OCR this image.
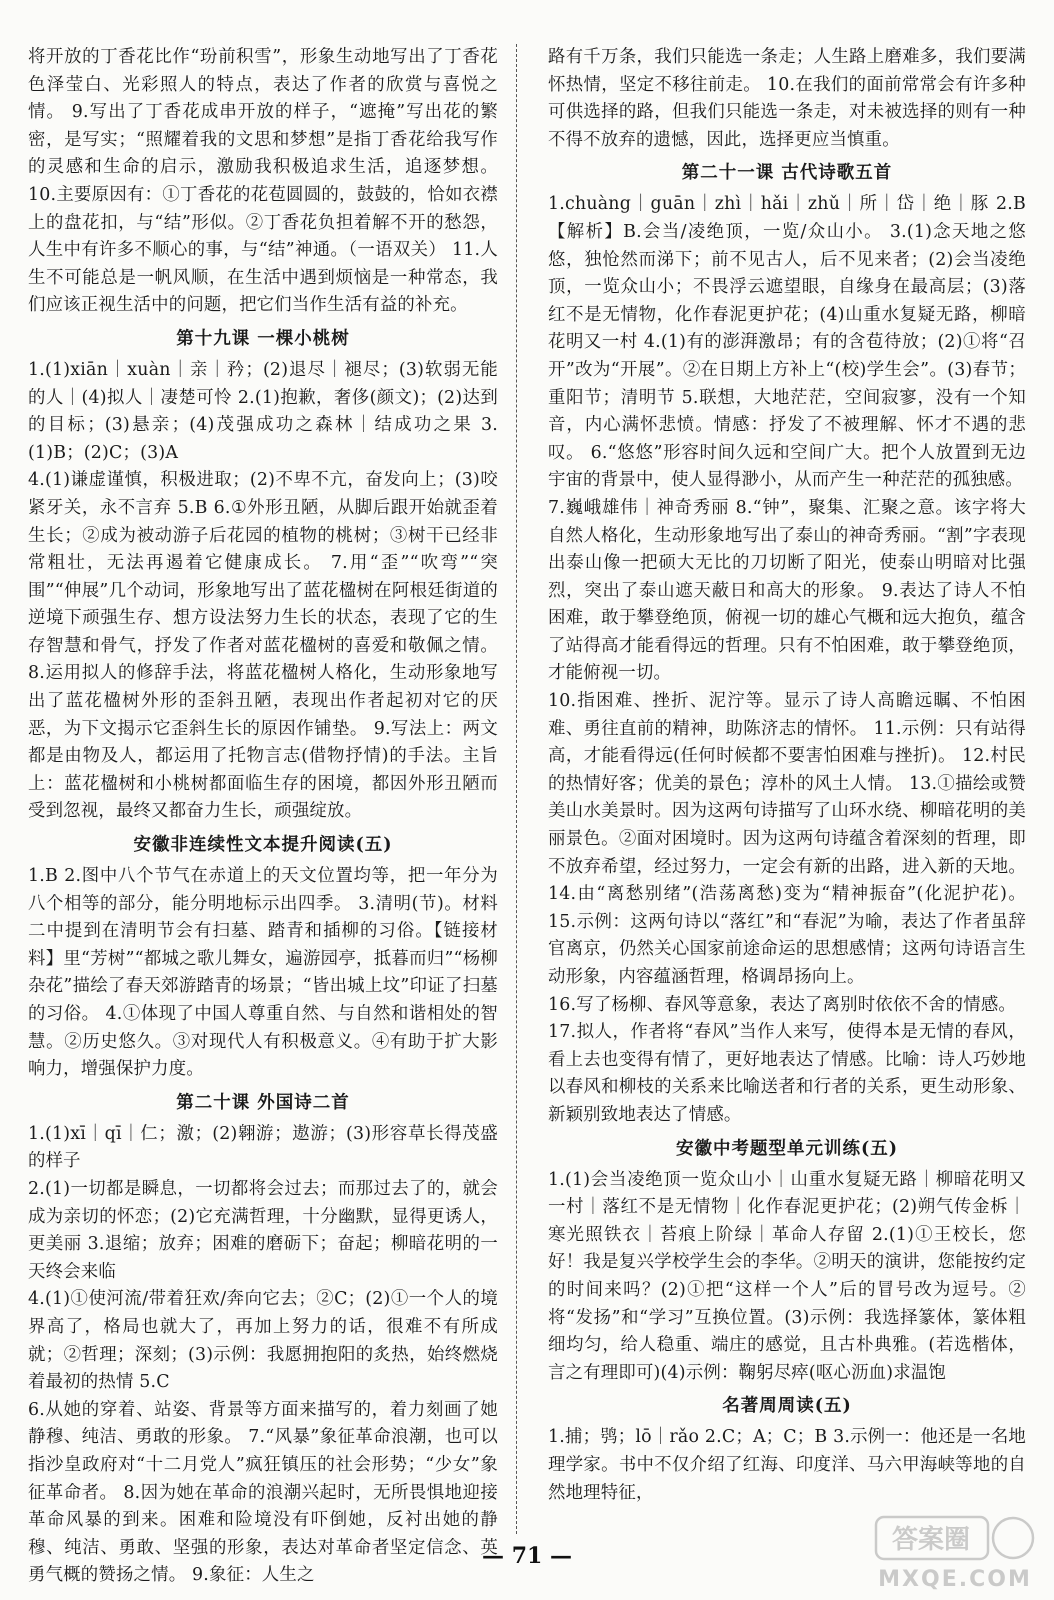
将开放的丁香花比作“玢前积雪”，形象生动地写出了丁香花色泽莹白、光彩照人的特点，表达了作者的欣赏与喜悦之情。 9.写出了丁香花成串开放的样子，“遮掩”写出花的繁密，是写实；“照耀着我的文思和梦想”是指丁香花给我写作的灵感和生命的启示，激励我积极追求生活，追逐梦想。 10.主要原因有：①丁香花的花苞圆圆的，鼓鼓的，恰如衣襟上的盘花扣，与“结”形似。②丁香花负担着解不开的愁怨，人生中有许多不顺心的事，与“结”神通。（一语双关） 11.人生不可能总是一帆风顺，在生活中遇到烦恼是一种常态，我们应该正视生活中的问题，把它们当作生活有益的补充。

第十九课 一棵小桃树

1.(1)xiān｜xuàn｜亲｜矜；(2)退尽｜褪尽；(3)软弱无能的人｜(4)拟人｜凄楚可怜 2.(1)抱歉，奢侈(颜文)；(2)达到的目标；(3)悬亲；(4)茂强成功之森林｜结成功之果 3.(1)B；(2)C；(3)A

4.(1)谦虚谨慎，积极进取；(2)不卑不亢，奋发向上；(3)咬紧牙关，永不言弃 5.B 6.①外形丑陋，从脚后跟开始就歪着生长；②成为被动游子后花园的植物的桃树；③树干已经非常粗壮，无法再遏着它健康成长。 7.用“歪”“吹弯”“突围”“伸展”几个动词，形象地写出了蓝花楹树在阿根廷街道的逆境下顽强生存、想方设法努力生长的状态，表现了它的生存智慧和骨气，抒发了作者对蓝花楹树的喜爱和敬佩之情。 8.运用拟人的修辞手法，将蓝花楹树人格化，生动形象地写出了蓝花楹树外形的歪斜丑陋，表现出作者起初对它的厌恶，为下文揭示它歪斜生长的原因作铺垫。 9.写法上：两文都是由物及人，都运用了托物言志(借物抒情)的手法。主旨上：蓝花楹树和小桃树都面临生存的困境，都因外形丑陋而受到忽视，最终又都奋力生长，顽强绽放。

安徽非连续性文本提升阅读(五)

1.B 2.图中八个节气在赤道上的天文位置均等，把一年分为八个相等的部分，能分明地标示出四季。 3.清明(节)。材料二中提到在清明节会有扫墓、踏青和插柳的习俗。【链接材料】里“芳树”“都城之歌儿舞女，遍游园亭，抵暮而归”“杨柳杂花”描绘了春天郊游踏青的场景；“皆出城上坟”印证了扫墓的习俗。 4.①体现了中国人尊重自然、与自然和谐相处的智慧。②历史悠久。③对现代人有积极意义。④有助于扩大影响力，增强保护力度。

第二十课 外国诗二首

1.(1)xī｜qī｜仁；激；(2)翱游；遨游；(3)形容草长得茂盛的样子

2.(1)一切都是瞬息，一切都将会过去；而那过去了的，就会成为亲切的怀恋；(2)它充满哲理，十分幽默，显得更诱人，更美丽 3.退缩；放弃；困难的磨砺下；奋起；柳暗花明的一天终会来临

4.(1)①使河流/带着狂欢/奔向它去；②C；(2)①一个人的境界高了，格局也就大了，再加上努力的话，很难不有所成就；②哲理；深刻；(3)示例：我愿拥抱阳的炙热，始终燃烧着最初的热情 5.C

6.从她的穿着、站姿、背景等方面来描写的，着力刻画了她静穆、纯洁、勇敢的形象。 7.“风暴”象征革命浪潮，也可以指沙皇政府对“十二月党人”疯狂镇压的社会形势；“少女”象征革命者。 8.因为她在革命的浪潮兴起时，无所畏惧地迎接革命风暴的到来。困难和险境没有吓倒她，反衬出她的静穆、纯洁、勇敢、坚强的形象，表达对革命者坚定信念、英勇气概的赞扬之情。 9.象征：人生之

路有千万条，我们只能选一条走；人生路上磨难多，我们要满怀热情，坚定不移往前走。 10.在我们的面前常常会有许多种可供选择的路，但我们只能选一条走，对未被选择的则有一种不得不放弃的遗憾，因此，选择更应当慎重。

第二十一课 古代诗歌五首

1.chuàng｜guān｜zhì｜hǎi｜zhǔ｜所｜岱｜绝｜豚 2.B 【解析】B.会当/凌绝顶，一览/众山小。 3.(1)念天地之悠悠，独怆然而涕下；前不见古人，后不见来者；(2)会当凌绝顶，一览众山小；不畏浮云遮望眼，自缘身在最高层；(3)落红不是无情物，化作春泥更护花；(4)山重水复疑无路，柳暗花明又一村 4.(1)有的澎湃激昂；有的含苞待放；(2)①将“召开”改为“开展”。②在日期上方补上“(校)学生会”。(3)春节；重阳节；清明节 5.联想，大地茫茫，空间寂寥，没有一个知音，内心满怀悲愤。情感：抒发了不被理解、怀才不遇的悲叹。 6.“悠悠”形容时间久远和空间广大。把个人放置到无边宇宙的背景中，使人显得渺小，从而产生一种茫茫的孤独感。

7.巍峨雄伟｜神奇秀丽 8.“钟”，聚集、汇聚之意。该字将大自然人格化，生动形象地写出了泰山的神奇秀丽。“割”字表现出泰山像一把硕大无比的刀切断了阳光，使泰山明暗对比强烈，突出了泰山遮天蔽日和高大的形象。 9.表达了诗人不怕困难，敢于攀登绝顶，俯视一切的雄心气概和远大抱负，蕴含了站得高才能看得远的哲理。只有不怕困难，敢于攀登绝顶，才能俯视一切。

10.指困难、挫折、泥泞等。显示了诗人高瞻远瞩、不怕困难、勇往直前的精神，助陈济志的情怀。 11.示例：只有站得高，才能看得远(任何时候都不要害怕困难与挫折)。 12.村民的热情好客；优美的景色；淳朴的风土人情。 13.①描绘或赞美山水美景时。因为这两句诗描写了山环水绕、柳暗花明的美丽景色。②面对困境时。因为这两句诗蕴含着深刻的哲理，即不放弃希望，经过努力，一定会有新的出路，进入新的天地。 14.由“离愁别绪”(浩荡离愁)变为“精神振奋”(化泥护花)。 15.示例：这两句诗以“落红”和“春泥”为喻，表达了作者虽辞官离京，仍然关心国家前途命运的思想感情；这两句诗语言生动形象，内容蕴涵哲理，格调昂扬向上。

16.写了杨柳、春风等意象，表达了离别时依依不舍的情感。

17.拟人，作者将“春风”当作人来写，使得本是无情的春风，看上去也变得有情了，更好地表达了情感。比喻：诗人巧妙地以春风和柳枝的关系来比喻送者和行者的关系，更生动形象、新颖别致地表达了情感。

安徽中考题型单元训练(五)

1.(1)会当凌绝顶一览众山小｜山重水复疑无路｜柳暗花明又一村｜落红不是无情物｜化作春泥更护花；(2)朔气传金柝｜寒光照铁衣｜苔痕上阶绿｜革命人存留 2.(1)①王校长，您好！我是复兴学校学生会的李华。②明天的演讲，您能按约定的时间来吗？(2)①把“这样一个人”后的冒号改为逗号。②将“发扬”和“学习”互换位置。(3)示例：我选择篆体，篆体粗细均匀，给人稳重、端庄的感觉，且古朴典雅。(若选楷体，言之有理即可)(4)示例：鞠躬尽瘁(呕心沥血)求温饱

名著周周读(五)

1.捕；鸮；lō｜rǎo 2.C；A；C；B 3.示例一：他还是一名地理学家。书中不仅介绍了红海、印度洋、马六甲海峡等地的自然地理特征，

— 71 —
答案圈
MXQE.COM
